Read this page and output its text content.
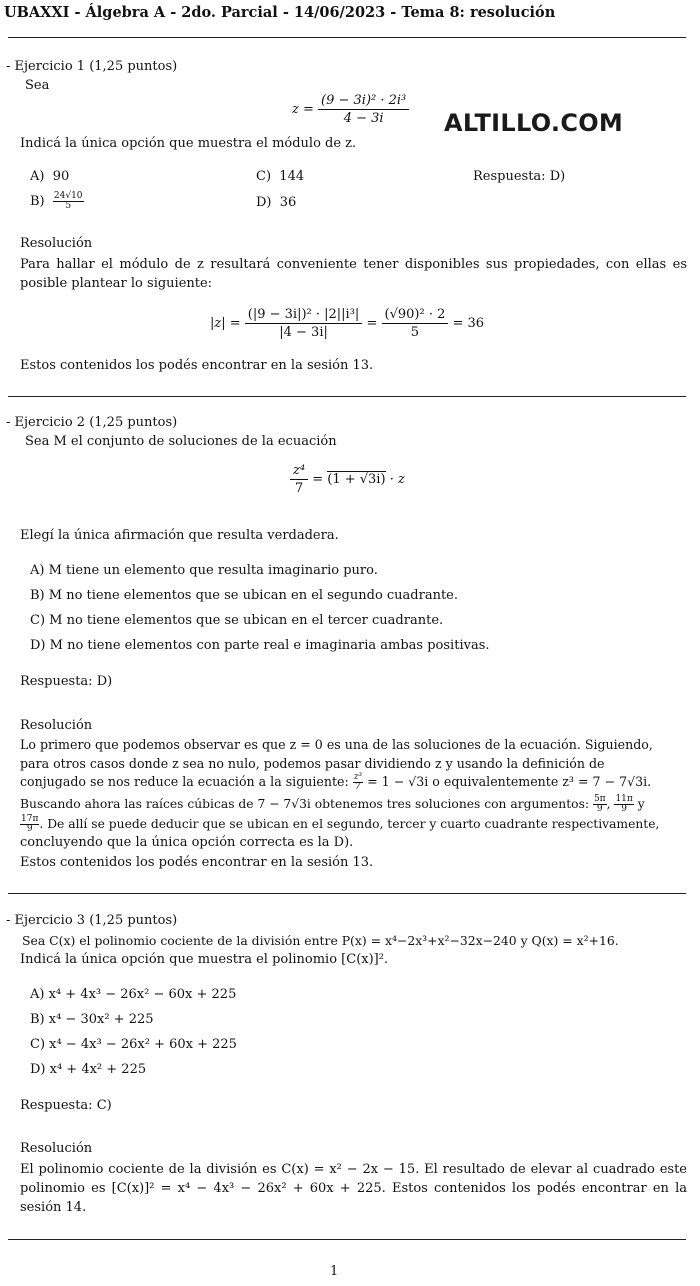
UBAXXI - Álgebra A - 2do. Parcial - 14/06/2023 - Tema 8: resolución
- Ejercicio 1 (1,25 puntos)
Sea
$z = \frac{\text{(9 − 3i)² · 2i³}}{4 - 3i}$ ALTILLO.COM
Indicá la única opción que muestra el módulo de z.
A) 90
$B) \frac{24√10}{5}$
C) 144
D) 36
Respuesta: D)
Resolución
Para hallar el módulo de z resultará conveniente tener disponibles sus propiedades, con ellas es posible plantear lo siguiente:
$|z| = \frac{\text{(|9 − 3i|)² · |2||i³|}}{|4 - 3i|} = \frac{\text{(√90)² · 2}}{5} = 36$
Estos contenidos los podés encontrar en la sesión 13.
- Ejercicio 2 (1,25 puntos)
Sea M el conjunto de soluciones de la ecuación
$\frac{\text{z⁴}}{7} = (1 + √3i) \cdot z$
Elegí la única afirmación que resulta verdadera.
A) M tiene un elemento que resulta imaginario puro.
B) M no tiene elementos que se ubican en el segundo cuadrante.
C) M no tiene elementos que se ubican en el tercer cuadrante.
D) M no tiene elementos con parte real e imaginaria ambas positivas.
Respuesta: D)
Resolución
Lo primero que podemos observar es que z = 0 es una de las soluciones de la ecuación. Siguiendo,
para otros casos donde z sea no nulo, podemos pasar dividiendo z y usando la definición de
conjugado se nos reduce la ecuación a la siguiente: $\frac{\text{z³}}{7} = 1 - √3i$ o equivalentemente z³ = 7 − 7√3i.
Buscando ahora las raíces cúbicas de 7 − 7√3i obtenemos tres soluciones con argumentos: $\frac{5\pi}{9}$ , $\frac{11\pi}{9}$ y
$\frac{17\pi}{9}$ . De allí se puede deducir que se ubican en el segundo, tercer y cuarto cuadrante respectivamente,
concluyendo que la única opción correcta es la D).
Estos contenidos los podés encontrar en la sesión 13.
- Ejercicio 3 (1,25 puntos)
Sea C(x) el polinomio cociente de la división entre P(x) = x⁴−2x³+x²−32x−240 y Q(x) = x²+16.
Indicá la única opción que muestra el polinomio [C(x)]².
A) x⁴ + 4x³ − 26x² − 60x + 225
B) x⁴ − 30x² + 225
C) x⁴ − 4x³ − 26x² + 60x + 225
D) x⁴ + 4x² + 225
Respuesta: C)
Resolución
El polinomio cociente de la división es C(x) = x² − 2x − 15. El resultado de elevar al cuadrado este polinomio es [C(x)]² = x⁴ − 4x³ − 26x² + 60x + 225. Estos contenidos los podés encontrar en la sesión 14.
1
